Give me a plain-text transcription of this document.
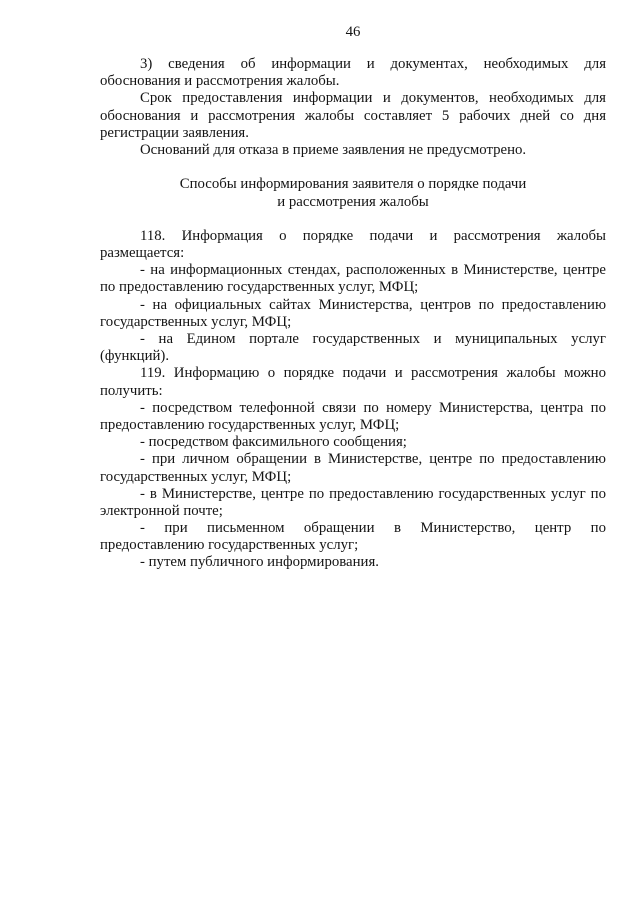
46
3) сведения об информации и документах, необходимых для
обоснования и рассмотрения жалобы.
Срок предоставления информации и документов, необходимых для
обоснования и рассмотрения жалобы составляет 5 рабочих дней со дня
регистрации заявления.
Оснований для отказа в приеме заявления не предусмотрено.
Способы информирования заявителя о порядке подачи
и рассмотрения жалобы
118. Информация о порядке подачи и рассмотрения жалобы
размещается:
- на информационных стендах, расположенных в Министерстве, центре
по предоставлению государственных услуг, МФЦ;
- на официальных сайтах Министерства, центров по предоставлению
государственных услуг, МФЦ;
- на Едином портале государственных и муниципальных услуг
(функций).
119. Информацию о порядке подачи и рассмотрения жалобы можно
получить:
- посредством телефонной связи по номеру Министерства, центра по
предоставлению государственных услуг, МФЦ;
- посредством факсимильного сообщения;
- при личном обращении в Министерстве, центре по предоставлению
государственных услуг, МФЦ;
- в Министерстве, центре по предоставлению государственных услуг по
электронной почте;
- при письменном обращении в Министерство, центр по
предоставлению государственных услуг;
- путем публичного информирования.
